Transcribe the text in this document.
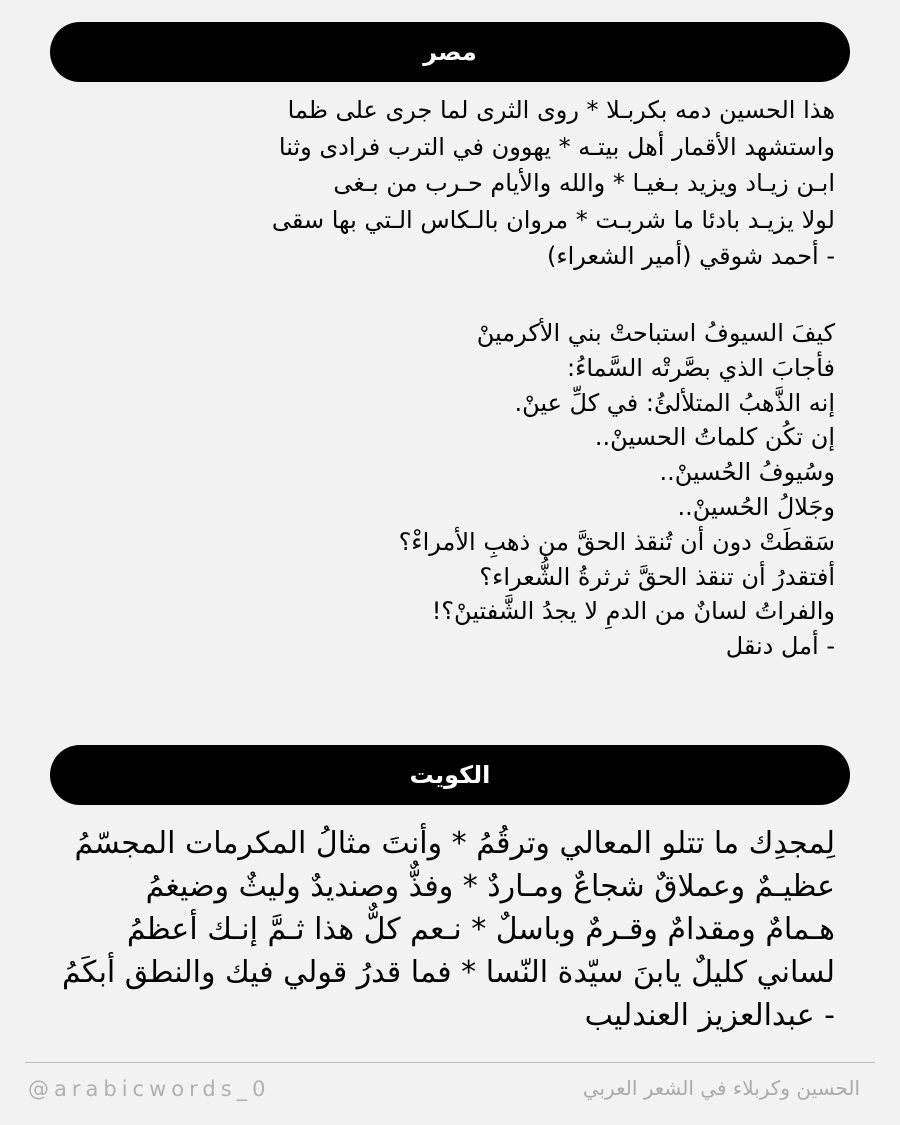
مصر

هذا الحسين دمه بكربـلا * روى الثرى لما جرى على ظما

واستشهد الأقمار أهل بيتـه * يهوون في الترب فرادى وثنا

ابـن زيـاد ويزيد بـغيـا * والله والأيام حـرب من بـغى

لولا يزيـد بادئا ما شربـت * مروان بالـكاس الـتي بها سقى

- أحمد شوقي (أمير الشعراء)

كيفَ السيوفُ استباحتْ بني الأكرمينْ

فأجابَ الذي بصَّرتْه السَّماءُ:

إنه الذَّهبُ المتلألئُ: في كلِّ عينْ.

إن تكُن كلماتُ الحسينْ..

وسُيوفُ الحُسينْ..

وجَلالُ الحُسينْ..

سَقطَتْ دون أن تُنقذ الحقَّ من ذهبِ الأمراءْ؟

أفتقدرُ أن تنقذ الحقَّ ثرثرةُ الشُّعراء؟

والفراتُ لسانٌ من الدمِ لا يجدُ الشَّفتينْ؟!

- أمل دنقل

الكويت

لِمجدِك ما تتلو المعالي وترقُمُ * وأنتَ مثالُ المكرمات المجسّمُ

عظيـمٌ وعملاقٌ شجاعٌ ومـاردٌ * وفذٌّ وصنديدٌ وليثٌ وضيغمُ

هـمامٌ ومقدامٌ وقـرمٌ وباسلٌ * نـعم كلٌّ هذا ثـمَّ إنـك أعظمُ

لساني كليلٌ يابنَ سيّدة النّسا * فما قدرُ قولي فيك والنطق أبكَمُ

- عبدالعزيز العندليب

الحسين وكربلاء في الشعر العربي
@arabicwords_0
